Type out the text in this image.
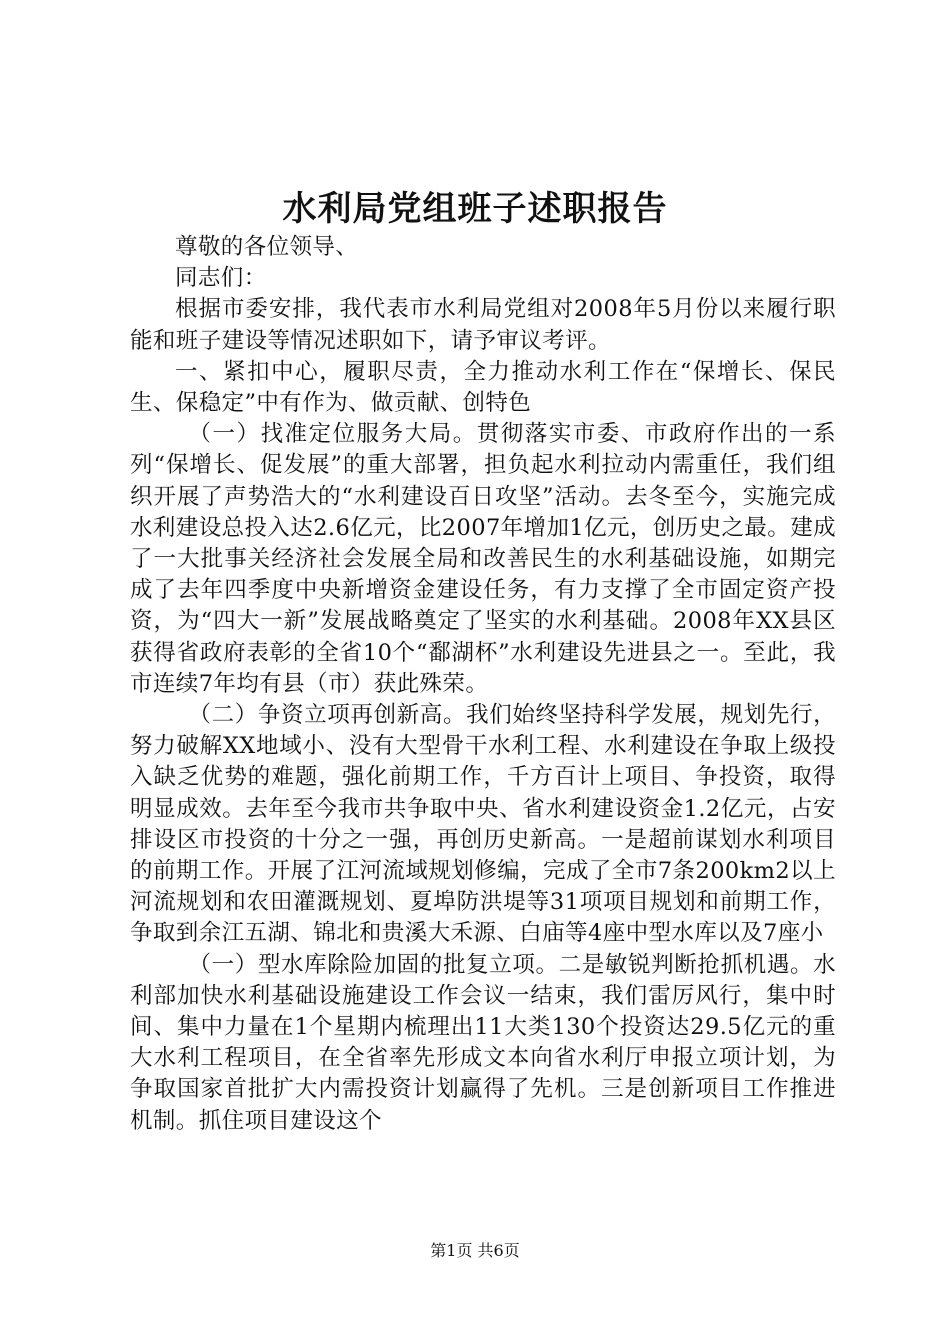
水利局党组班子述职报告

尊敬的各位领导、

同志们：

根据市委安排，我代表市水利局党组对2008年5月份以来履行职能和班子建设等情况述职如下，请予审议考评。

一、紧扣中心，履职尽责，全力推动水利工作在“保增长、保民生、保稳定”中有作为、做贡献、创特色

（一）找准定位服务大局。贯彻落实市委、市政府作出的一系列“保增长、促发展”的重大部署，担负起水利拉动内需重任，我们组织开展了声势浩大的“水利建设百日攻坚”活动。去冬至今，实施完成水利建设总投入达2.6亿元，比2007年增加1亿元，创历史之最。建成了一大批事关经济社会发展全局和改善民生的水利基础设施，如期完成了去年四季度中央新增资金建设任务，有力支撑了全市固定资产投资，为“四大一新”发展战略奠定了坚实的水利基础。2008年XX县区获得省政府表彰的全省10个“鄱湖杯”水利建设先进县之一。至此，我市连续7年均有县（市）获此殊荣。

（二）争资立项再创新高。我们始终坚持科学发展，规划先行，努力破解XX地域小、没有大型骨干水利工程、水利建设在争取上级投入缺乏优势的难题，强化前期工作，千方百计上项目、争投资，取得明显成效。去年至今我市共争取中央、省水利建设资金1.2亿元，占安排设区市投资的十分之一强，再创历史新高。一是超前谋划水利项目的前期工作。开展了江河流域规划修编，完成了全市7条200km2以上河流规划和农田灌溉规划、夏埠防洪堤等31项项目规划和前期工作，争取到余江五湖、锦北和贵溪大禾源、白庙等4座中型水库以及7座小

（一）型水库除险加固的批复立项。二是敏锐判断抢抓机遇。水利部加快水利基础设施建设工作会议一结束，我们雷厉风行，集中时间、集中力量在1个星期内梳理出11大类130个投资达29.5亿元的重大水利工程项目，在全省率先形成文本向省水利厅申报立项计划，为争取国家首批扩大内需投资计划赢得了先机。三是创新项目工作推进机制。抓住项目建设这个

第1页 共6页
